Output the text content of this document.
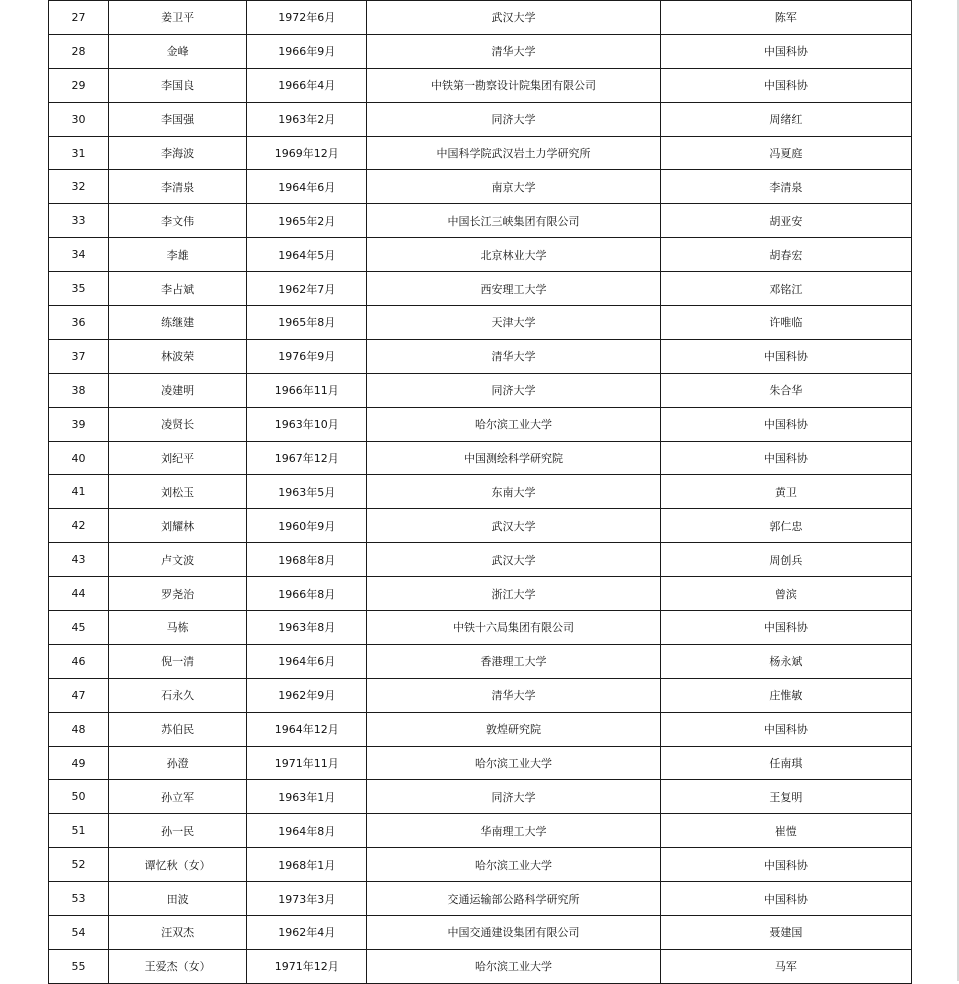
27	姜卫平	1972年6月	武汉大学	陈军
28	金峰	1966年9月	清华大学	中国科协
29	李国良	1966年4月	中铁第一勘察设计院集团有限公司	中国科协
30	李国强	1963年2月	同济大学	周绪红
31	李海波	1969年12月	中国科学院武汉岩土力学研究所	冯夏庭
32	李清泉	1964年6月	南京大学	李清泉
33	李文伟	1965年2月	中国长江三峡集团有限公司	胡亚安
34	李雄	1964年5月	北京林业大学	胡春宏
35	李占斌	1962年7月	西安理工大学	邓铭江
36	练继建	1965年8月	天津大学	许唯临
37	林波荣	1976年9月	清华大学	中国科协
38	凌建明	1966年11月	同济大学	朱合华
39	凌贤长	1963年10月	哈尔滨工业大学	中国科协
40	刘纪平	1967年12月	中国测绘科学研究院	中国科协
41	刘松玉	1963年5月	东南大学	黄卫
42	刘耀林	1960年9月	武汉大学	郭仁忠
43	卢文波	1968年8月	武汉大学	周创兵
44	罗尧治	1966年8月	浙江大学	曾滨
45	马栋	1963年8月	中铁十六局集团有限公司	中国科协
46	倪一清	1964年6月	香港理工大学	杨永斌
47	石永久	1962年9月	清华大学	庄惟敏
48	苏伯民	1964年12月	敦煌研究院	中国科协
49	孙澄	1971年11月	哈尔滨工业大学	任南琪
50	孙立军	1963年1月	同济大学	王复明
51	孙一民	1964年8月	华南理工大学	崔愷
52	谭忆秋（女）	1968年1月	哈尔滨工业大学	中国科协
53	田波	1973年3月	交通运输部公路科学研究所	中国科协
54	汪双杰	1962年4月	中国交通建设集团有限公司	聂建国
55	王爱杰（女）	1971年12月	哈尔滨工业大学	马军
